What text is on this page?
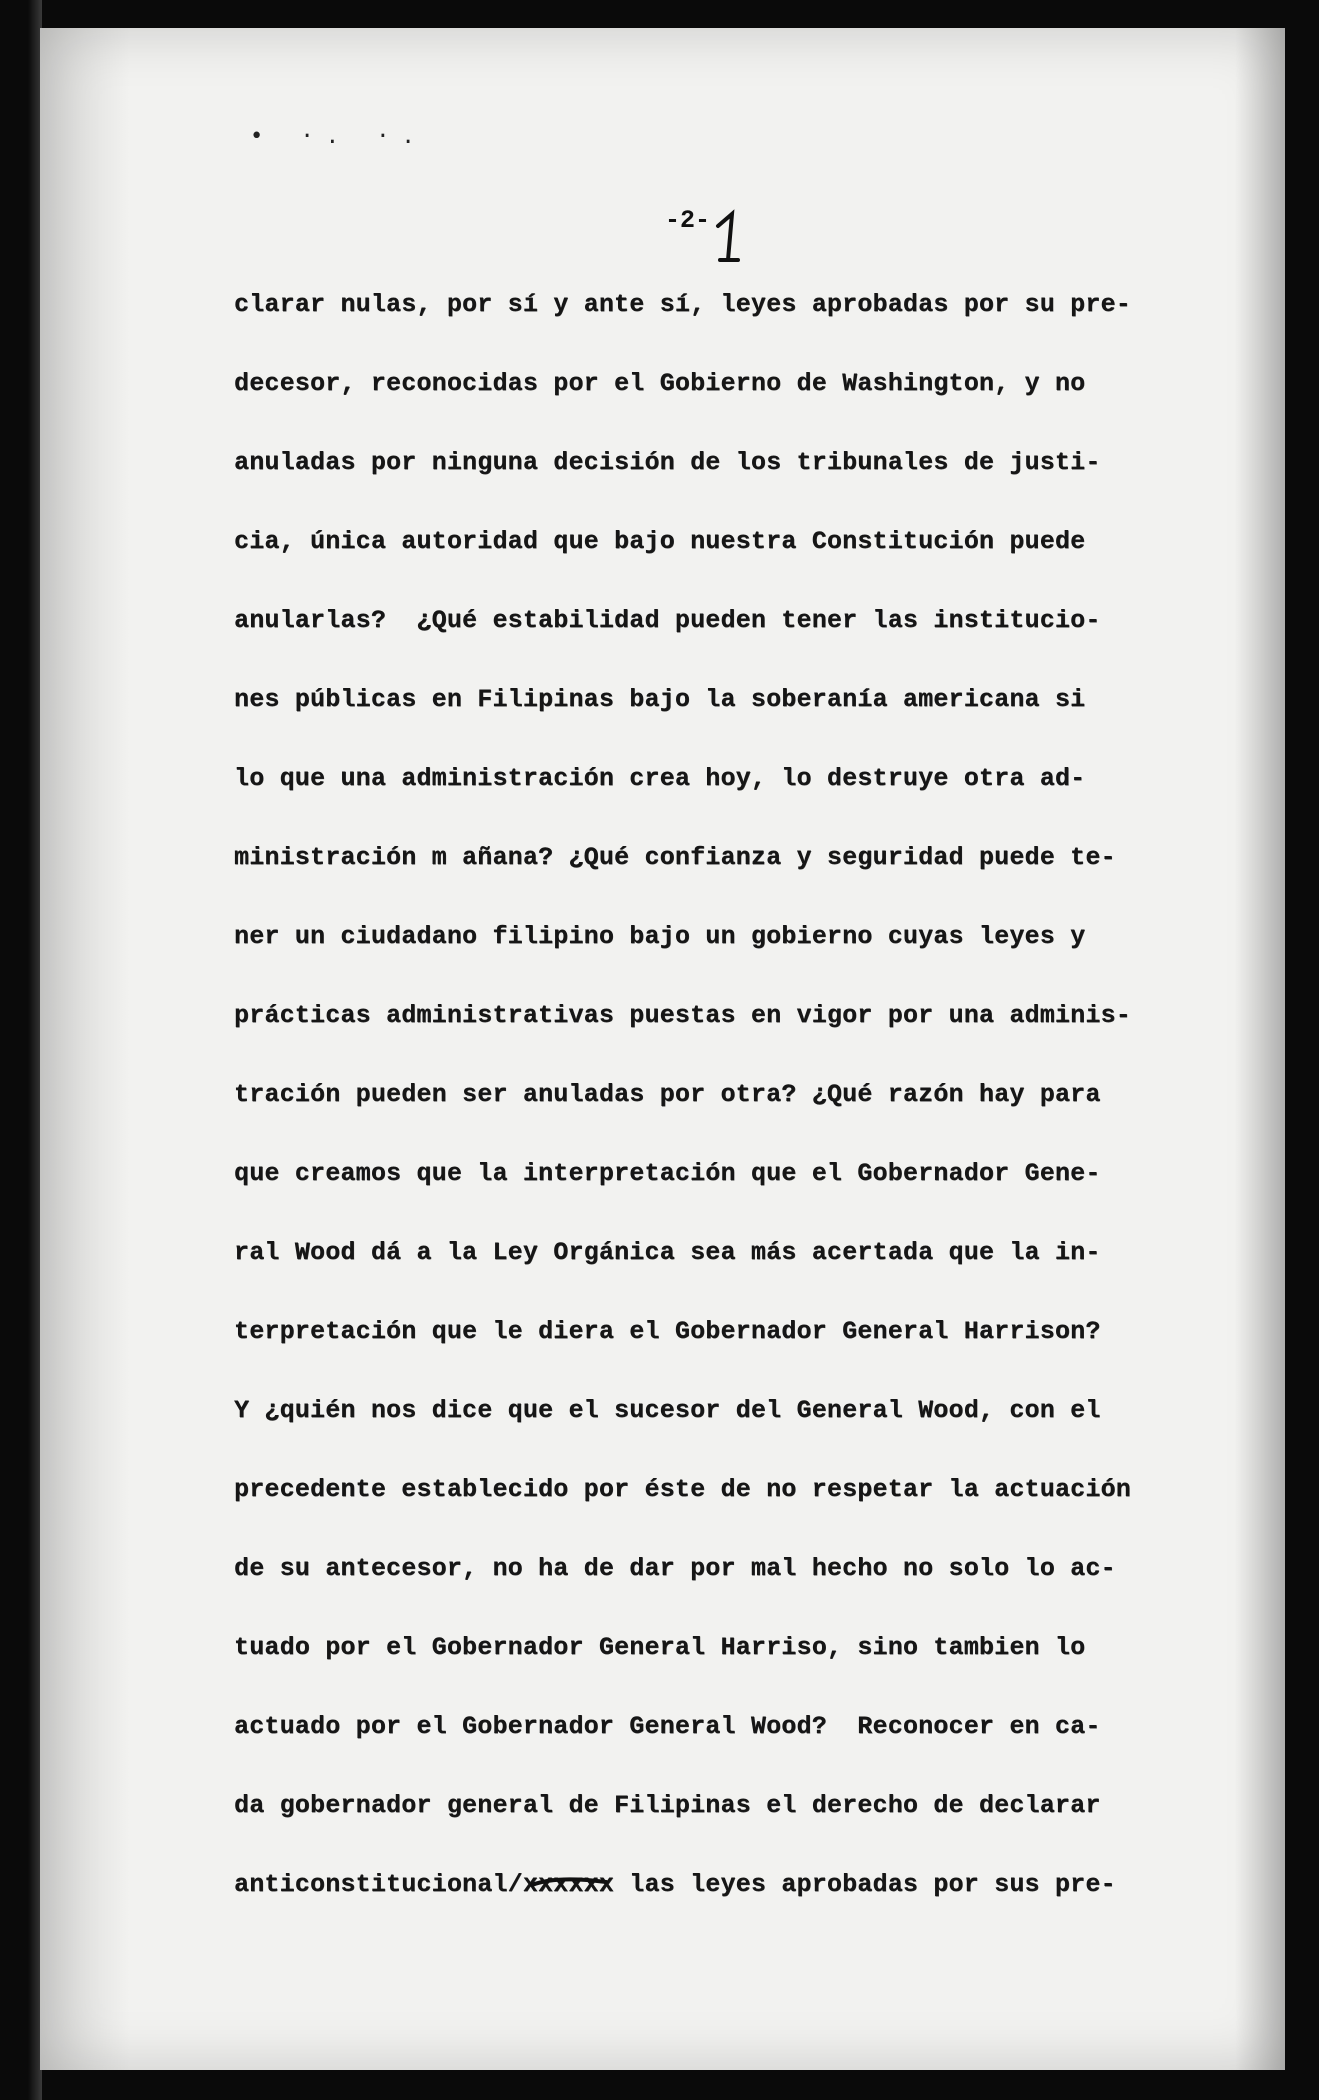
• ·. ·.

-2-

clarar nulas, por sí y ante sí, leyes aprobadas por su pre-
decesor, reconocidas por el Gobierno de Washington, y no
anuladas por ninguna decisión de los tribunales de justi-
cia, única autoridad que bajo nuestra Constitución puede
anularlas?  ¿Qué estabilidad pueden tener las institucio-
nes públicas en Filipinas bajo la soberanía americana si
lo que una administración crea hoy, lo destruye otra ad-
ministración m añana? ¿Qué confianza y seguridad puede te-
ner un ciudadano filipino bajo un gobierno cuyas leyes y
prácticas administrativas puestas en vigor por una adminis-
tración pueden ser anuladas por otra? ¿Qué razón hay para
que creamos que la interpretación que el Gobernador Gene-
ral Wood dá a la Ley Orgánica sea más acertada que la in-
terpretación que le diera el Gobernador General Harrison?
Y ¿quién nos dice que el sucesor del General Wood, con el
precedente establecido por éste de no respetar la actuación
de su antecesor, no ha de dar por mal hecho no solo lo ac-
tuado por el Gobernador General Harriso, sino tambien lo
actuado por el Gobernador General Wood?  Reconocer en ca-
da gobernador general de Filipinas el derecho de declarar
anticonstitucional/xxxxxx las leyes aprobadas por sus pre-
